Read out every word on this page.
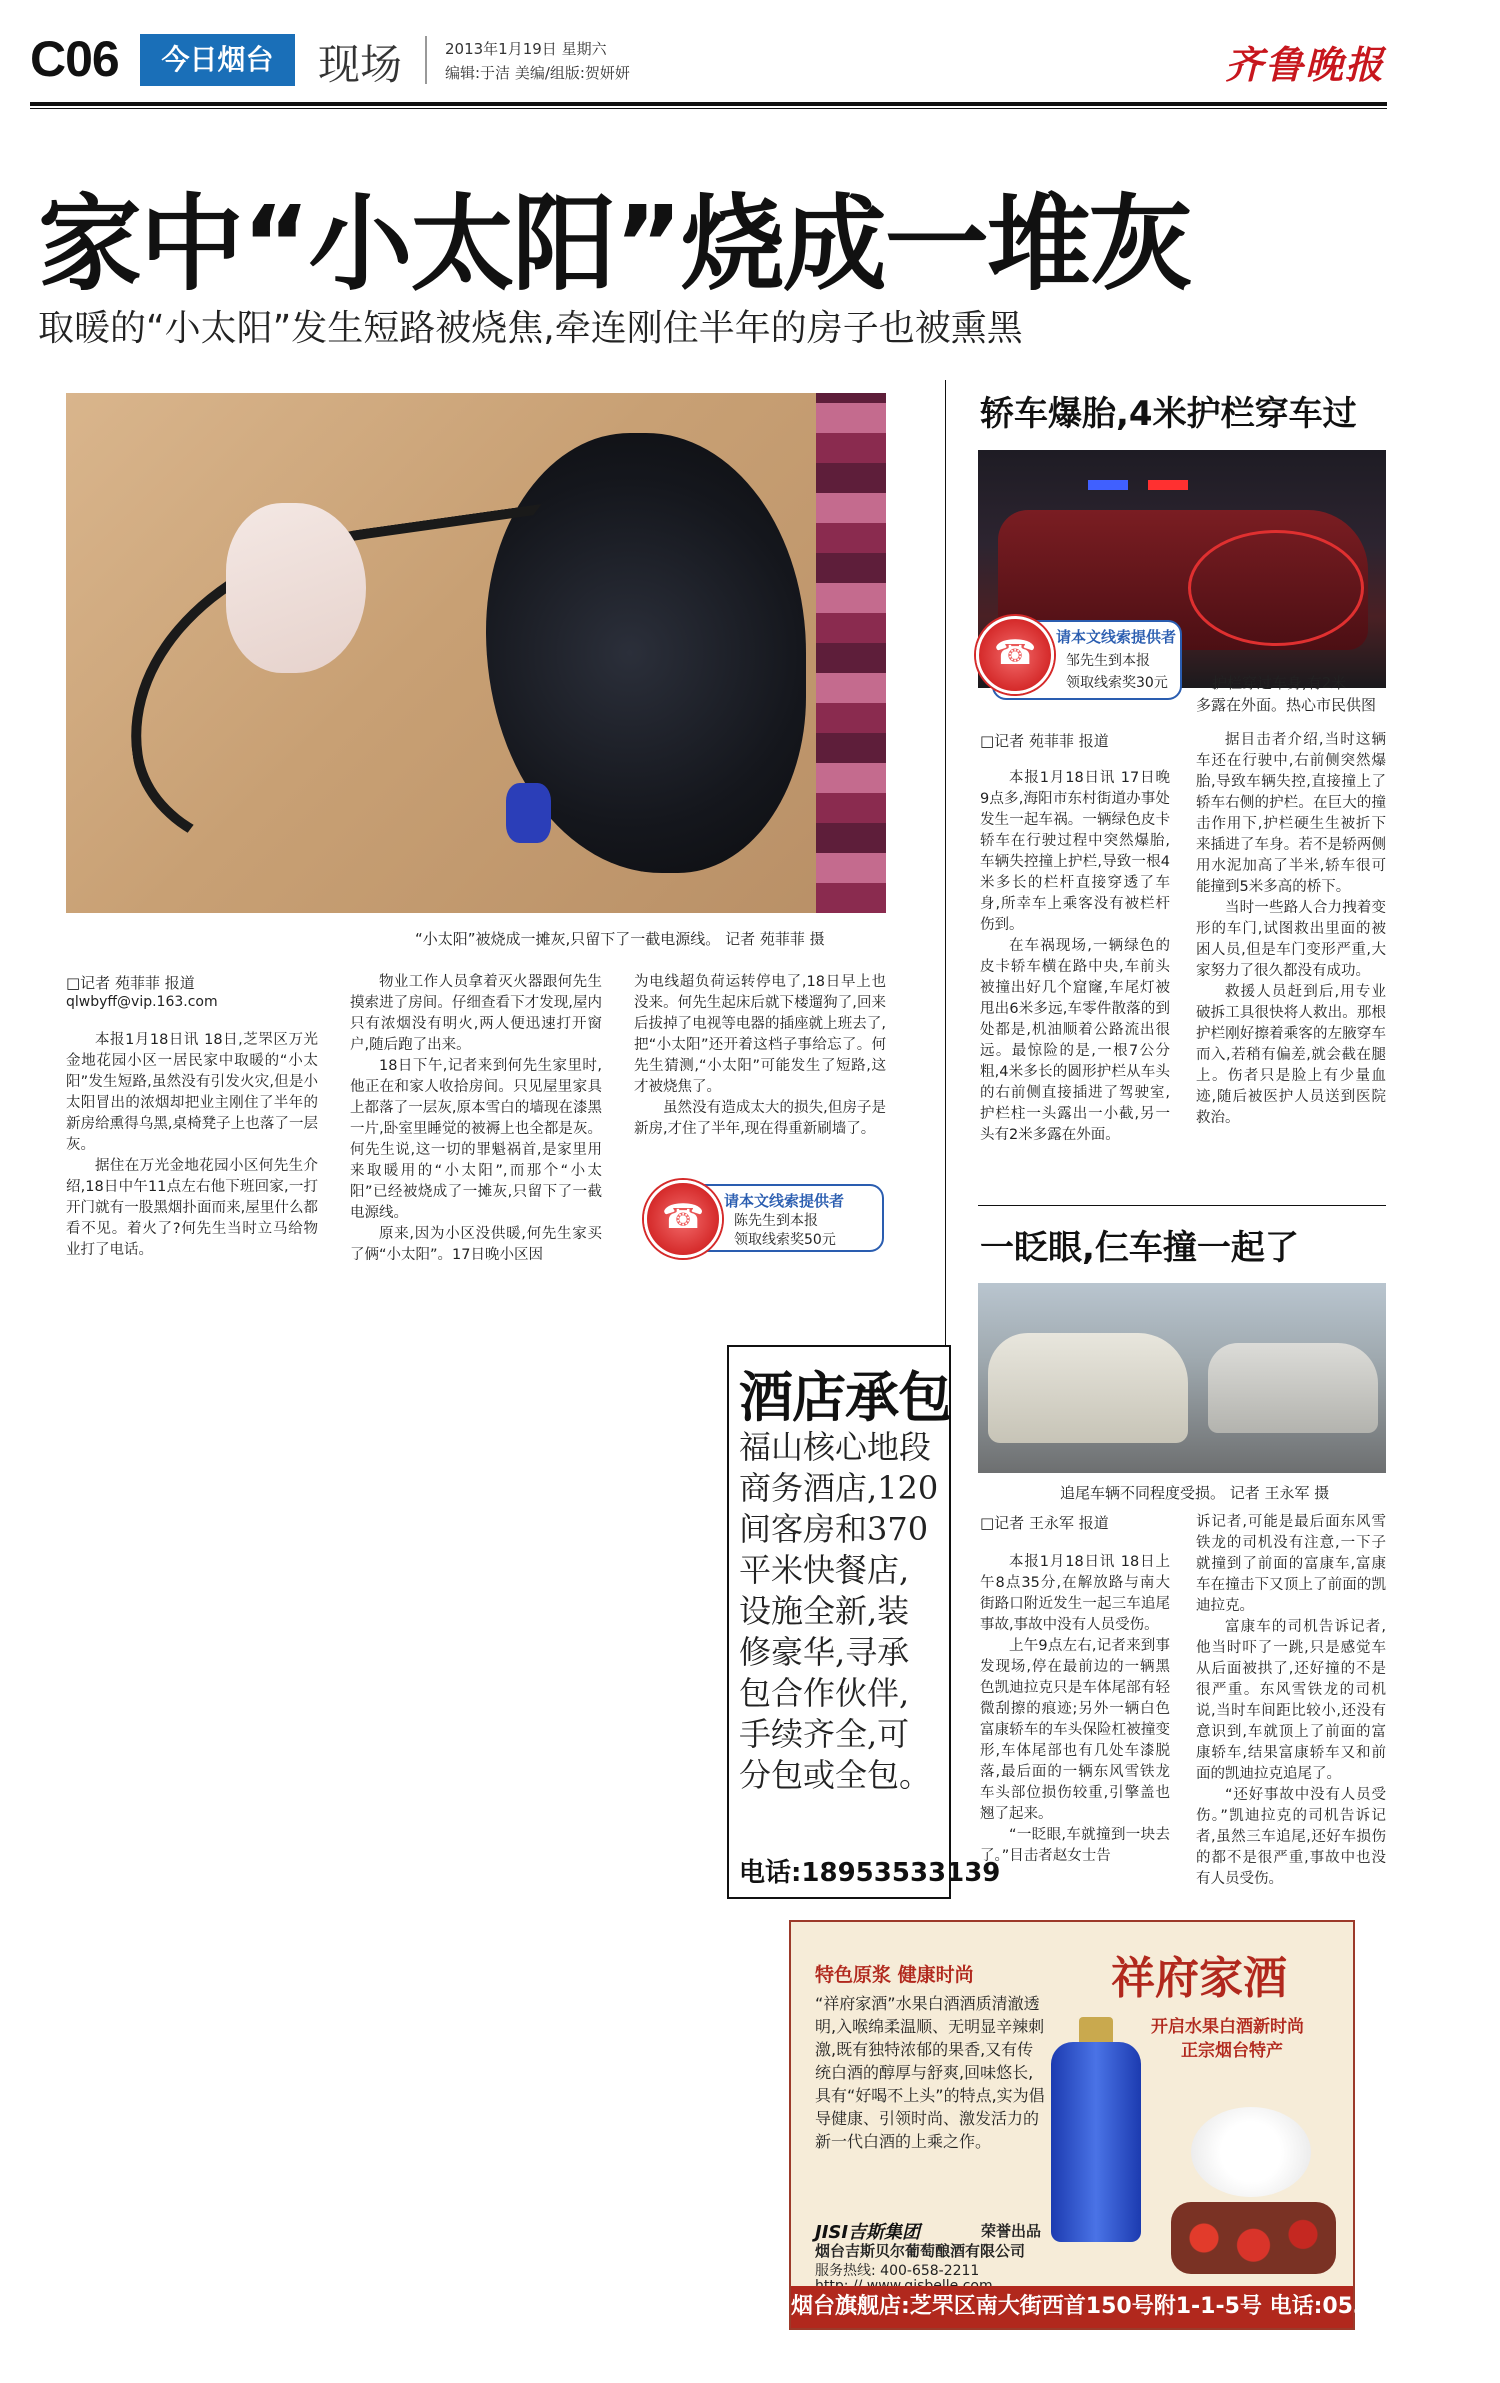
C06	今日烟台	现场	2013年1月19日 星期六
编辑:于洁 美编/组版:贺妍妍	齐鲁晚报
家中“小太阳”烧成一堆灰
取暖的“小太阳”发生短路被烧焦,牵连刚住半年的房子也被熏黑
“小太阳”被烧成一摊灰,只留下了一截电源线。 记者 苑菲菲 摄
□记者 苑菲菲 报道
qlwbyff@vip.163.com

本报1月18日讯 18日,芝罘区万光金地花园小区一居民家中取暖的“小太阳”发生短路,虽然没有引发火灾,但是小太阳冒出的浓烟却把业主刚住了半年的新房给熏得乌黑,桌椅凳子上也落了一层灰。

据住在万光金地花园小区何先生介绍,18日中午11点左右他下班回家,一打开门就有一股黑烟扑面而来,屋里什么都看不见。着火了?何先生当时立马给物业打了电话。

物业工作人员拿着灭火器跟何先生摸索进了房间。仔细查看下才发现,屋内只有浓烟没有明火,两人便迅速打开窗户,随后跑了出来。

18日下午,记者来到何先生家里时,他正在和家人收拾房间。只见屋里家具上都落了一层灰,原本雪白的墙现在漆黑一片,卧室里睡觉的被褥上也全都是灰。何先生说,这一切的罪魁祸首,是家里用来取暖用的“小太阳”,而那个“小太阳”已经被烧成了一摊灰,只留下了一截电源线。

原来,因为小区没供暖,何先生家买了俩“小太阳”。17日晚小区因

为电线超负荷运转停电了,18日早上也没来。何先生起床后就下楼遛狗了,回来后拔掉了电视等电器的插座就上班去了,把“小太阳”还开着这档子事给忘了。何先生猜测,“小太阳”可能发生了短路,这才被烧焦了。

虽然没有造成太大的损失,但房子是新房,才住了半年,现在得重新刷墙了。

☎	请本文线索提供者
陈先生到本报
领取线索奖50元
轿车爆胎,4米护栏穿车过
☎	请本文线索提供者
邹先生到本报
领取线索奖30元	护栏穿过车身,有2米
多露在外面。热心市民供图
□记者 苑菲菲 报道

本报1月18日讯 17日晚9点多,海阳市东村街道办事处发生一起车祸。一辆绿色皮卡轿车在行驶过程中突然爆胎,车辆失控撞上护栏,导致一根4米多长的栏杆直接穿透了车身,所幸车上乘客没有被栏杆伤到。

在车祸现场,一辆绿色的皮卡轿车横在路中央,车前头被撞出好几个窟窿,车尾灯被甩出6米多远,车零件散落的到处都是,机油顺着公路流出很远。最惊险的是,一根7公分粗,4米多长的圆形护栏从车头的右前侧直接插进了驾驶室,护栏柱一头露出一小截,另一头有2米多露在外面。

据目击者介绍,当时这辆车还在行驶中,右前侧突然爆胎,导致车辆失控,直接撞上了轿车右侧的护栏。在巨大的撞击作用下,护栏硬生生被折下来插进了车身。若不是轿两侧用水泥加高了半米,轿车很可能撞到5米多高的桥下。

当时一些路人合力拽着变形的车门,试图救出里面的被困人员,但是车门变形严重,大家努力了很久都没有成功。

救援人员赶到后,用专业破拆工具很快将人救出。那根护栏刚好擦着乘客的左腋穿车而入,若稍有偏差,就会截在腿上。伤者只是脸上有少量血迹,随后被医护人员送到医院救治。

一眨眼,仨车撞一起了
追尾车辆不同程度受损。 记者 王永军 摄
□记者 王永军 报道

本报1月18日讯 18日上午8点35分,在解放路与南大街路口附近发生一起三车追尾事故,事故中没有人员受伤。

上午9点左右,记者来到事发现场,停在最前边的一辆黑色凯迪拉克只是车体尾部有轻微刮擦的痕迹;另外一辆白色富康轿车的车头保险杠被撞变形,车体尾部也有几处车漆脱落,最后面的一辆东风雪铁龙车头部位损伤较重,引擎盖也翘了起来。

“一眨眼,车就撞到一块去了。”目击者赵女士告

诉记者,可能是最后面东风雪铁龙的司机没有注意,一下子就撞到了前面的富康车,富康车在撞击下又顶上了前面的凯迪拉克。

富康车的司机告诉记者,他当时吓了一跳,只是感觉车从后面被拱了,还好撞的不是很严重。东风雪铁龙的司机说,当时车间距比较小,还没有意识到,车就顶上了前面的富康轿车,结果富康轿车又和前面的凯迪拉克追尾了。

“还好事故中没有人员受伤。”凯迪拉克的司机告诉记者,虽然三车追尾,还好车损伤的都不是很严重,事故中也没有人员受伤。

酒店承包
福山核心地段商务酒店,120间客房和370平米快餐店,设施全新,装修豪华,寻承包合作伙伴,手续齐全,可分包或全包。
电话:18953533139
特色原浆 健康时尚	祥府家酒
开启水果白酒新时尚
正宗烟台特产
“祥府家酒”水果白酒酒质清澈透明,入喉绵柔温顺、无明显辛辣刺激,既有独特浓郁的果香,又有传统白酒的醇厚与舒爽,回味悠长,具有“好喝不上头”的特点,实为倡导健康、引领时尚、激发活力的新一代白酒的上乘之作。
JISI吉斯集团	荣誉出品
烟台吉斯贝尔葡萄酿酒有限公司
服务热线: 400-658-2211
烟台旗舰店:芝罘区南大街西首150号附1-1-5号 电话:0535-6694999
